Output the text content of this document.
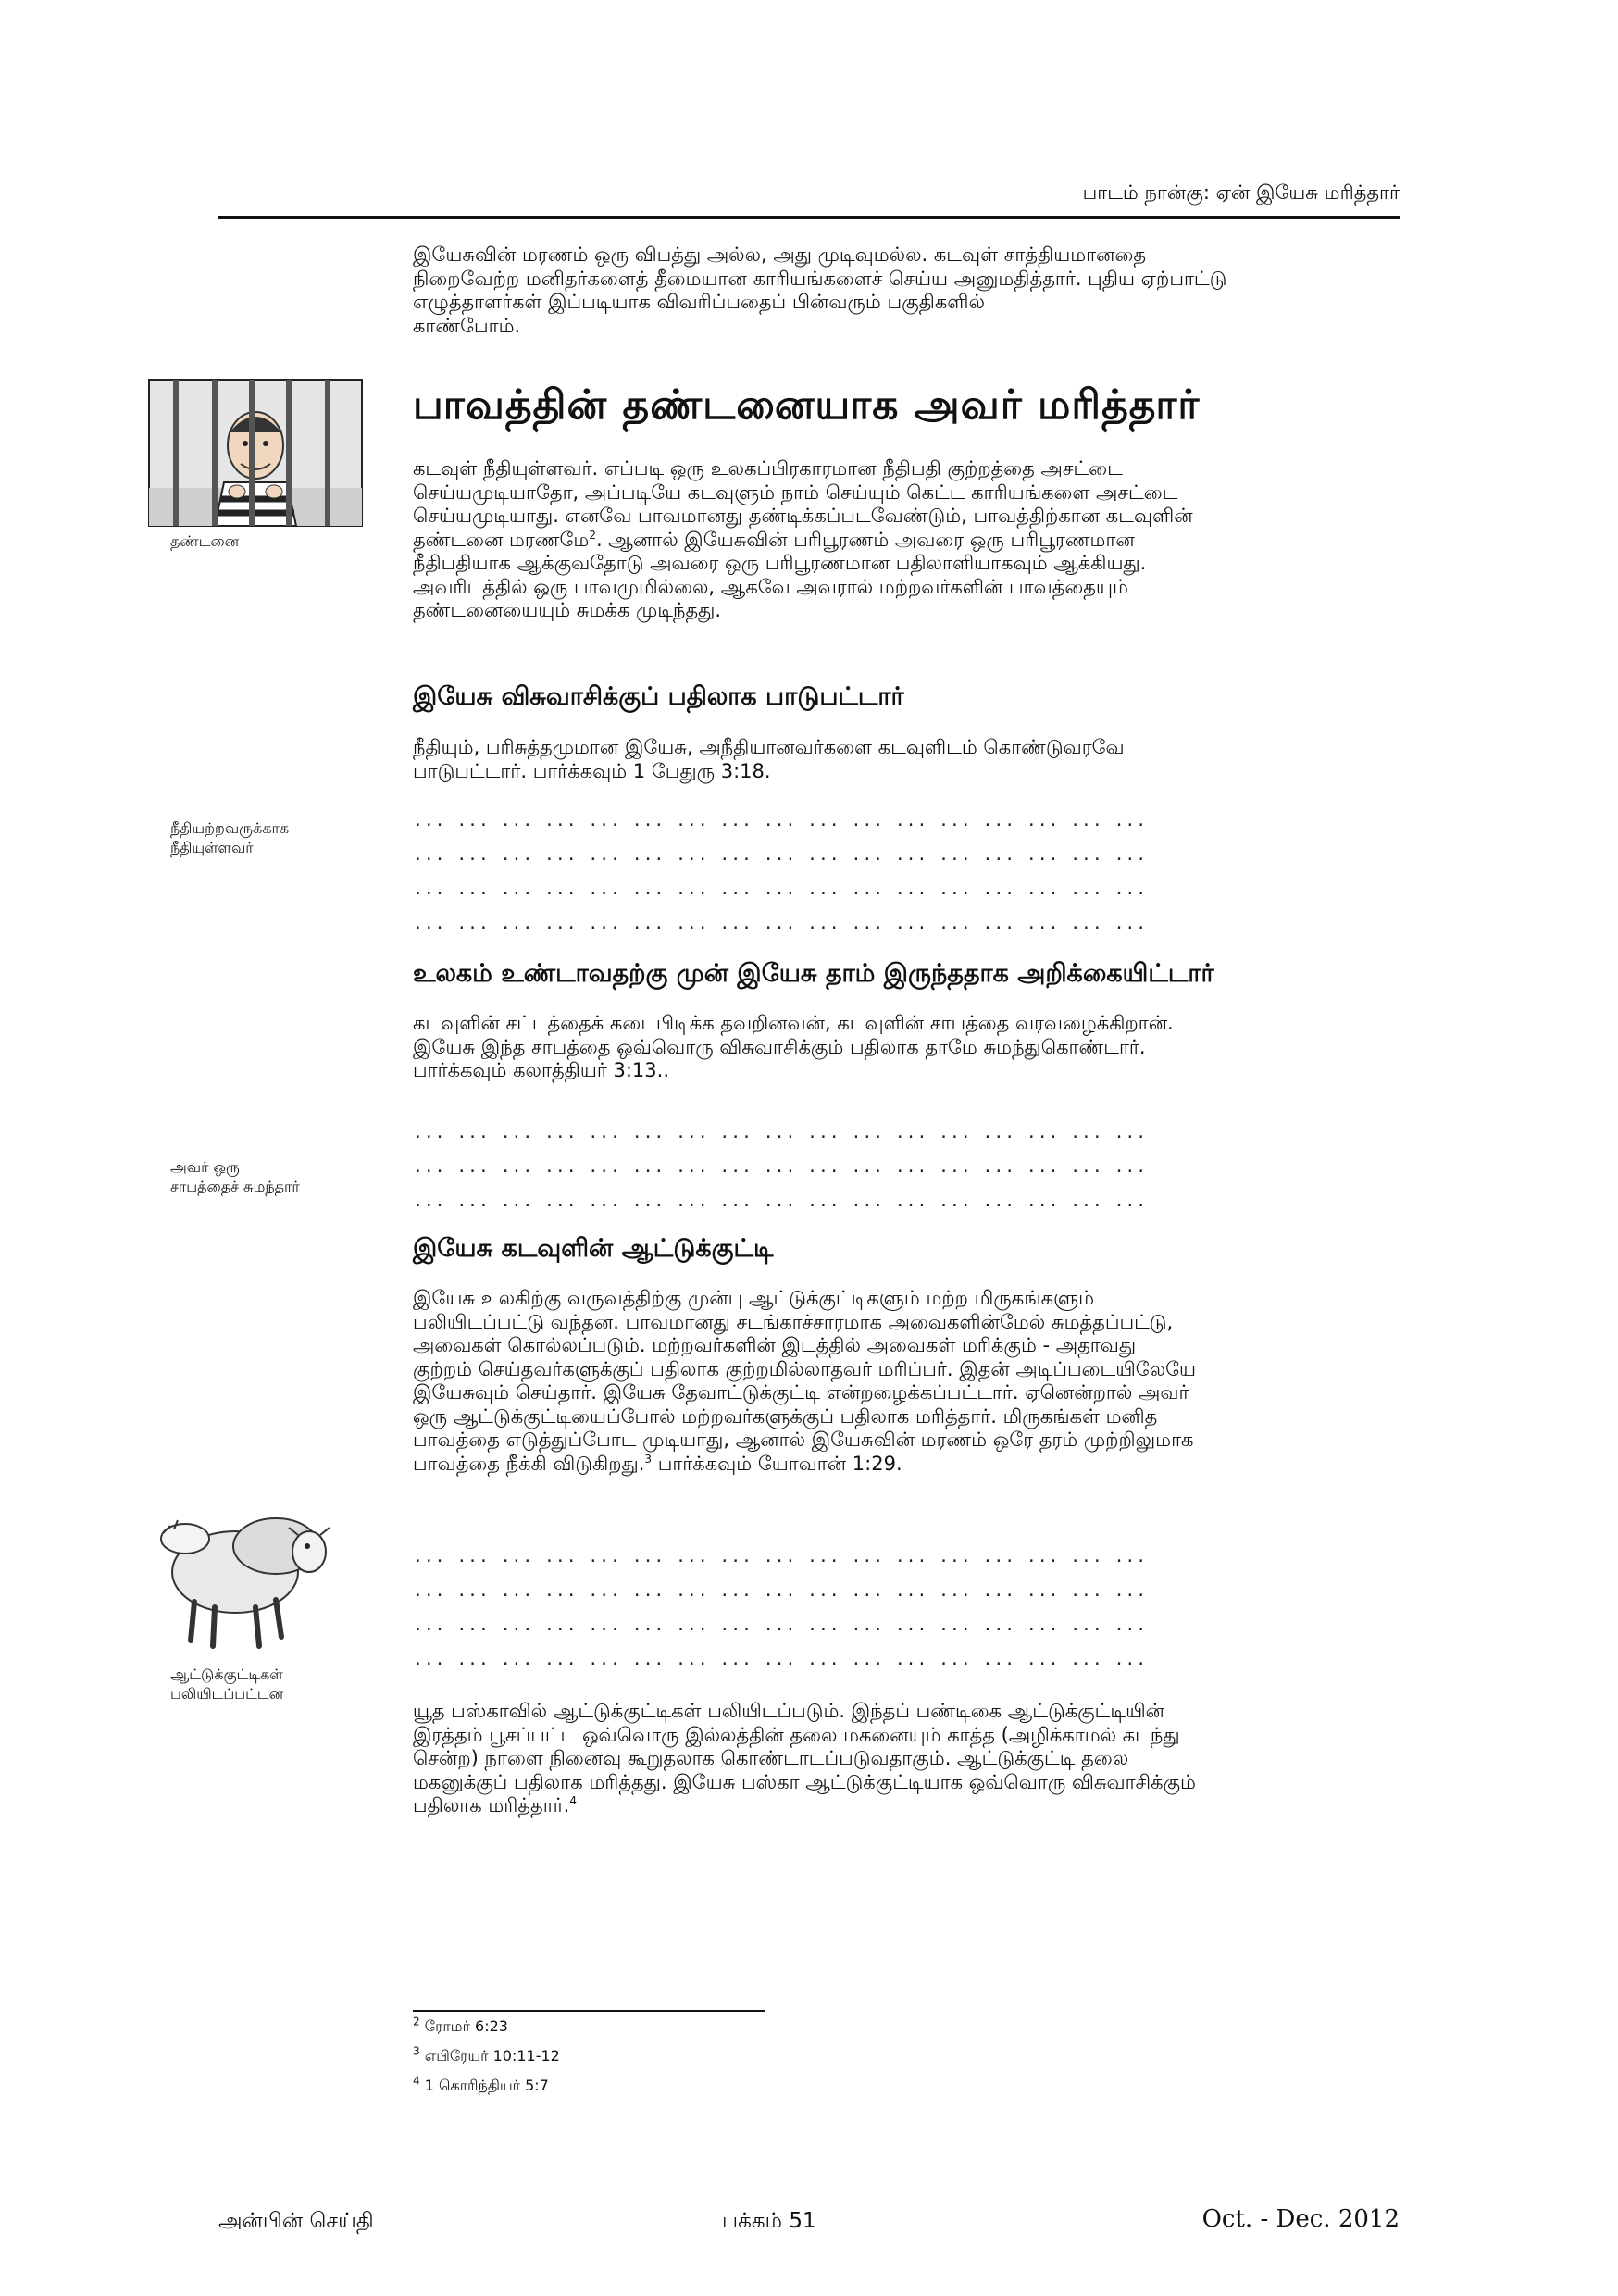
பாடம் நான்கு: ஏன் இயேசு மரித்தார்

இயேசுவின் மரணம் ஒரு விபத்து அல்ல, அது முடிவுமல்ல. கடவுள் சாத்தியமானதை

நிறைவேற்ற மனிதர்களைத் தீமையான காரியங்களைச் செய்ய அனுமதித்தார். புதிய ஏற்பாட்டு

எழுத்தாளர்கள் இப்படியாக விவரிப்பதைப் பின்வரும் பகுதிகளில்

காண்போம்.

தண்டனை
பாவத்தின் தண்டனையாக அவர் மரித்தார்

கடவுள் நீதியுள்ளவர். எப்படி ஒரு உலகப்பிரகாரமான நீதிபதி குற்றத்தை அசட்டை

செய்யமுடியாதோ, அப்படியே கடவுளும் நாம் செய்யும் கெட்ட காரியங்களை அசட்டை

செய்யமுடியாது. எனவே பாவமானது தண்டிக்கப்படவேண்டும், பாவத்திற்கான கடவுளின்

தண்டனை மரணமே$^2$. ஆனால் இயேசுவின் பரிபூரணம் அவரை ஒரு பரிபூரணமான

நீதிபதியாக ஆக்குவதோடு அவரை ஒரு பரிபூரணமான பதிலாளியாகவும் ஆக்கியது.

அவரிடத்தில் ஒரு பாவமுமில்லை, ஆகவே அவரால் மற்றவர்களின் பாவத்தையும்

தண்டனையையும் சுமக்க முடிந்தது.

இயேசு விசுவாசிக்குப் பதிலாக பாடுபட்டார்

நீதியும், பரிசுத்தமுமான இயேசு, அநீதியானவர்களை கடவுளிடம் கொண்டுவரவே

பாடுபட்டார். பார்க்கவும் 1 பேதுரு 3:18.

நீதியற்றவருக்காக
நீதியுள்ளவர்
... ... ... ... ... ... ... ... ... ... ... ... ... ... ... ... ...
... ... ... ... ... ... ... ... ... ... ... ... ... ... ... ... ...
... ... ... ... ... ... ... ... ... ... ... ... ... ... ... ... ...
... ... ... ... ... ... ... ... ... ... ... ... ... ... ... ... ...
உலகம் உண்டாவதற்கு முன் இயேசு தாம் இருந்ததாக அறிக்கையிட்டார்

கடவுளின் சட்டத்தைக் கடைபிடிக்க தவறினவன், கடவுளின் சாபத்தை வரவழைக்கிறான்.

இயேசு இந்த சாபத்தை ஒவ்வொரு விசுவாசிக்கும் பதிலாக தாமே சுமந்துகொண்டார்.

பார்க்கவும் கலாத்தியர் 3:13..

அவர் ஒரு
சாபத்தைச் சுமந்தார்
... ... ... ... ... ... ... ... ... ... ... ... ... ... ... ... ...
... ... ... ... ... ... ... ... ... ... ... ... ... ... ... ... ...
... ... ... ... ... ... ... ... ... ... ... ... ... ... ... ... ...
இயேசு கடவுளின் ஆட்டுக்குட்டி

இயேசு உலகிற்கு வருவத்திற்கு முன்பு ஆட்டுக்குட்டிகளும் மற்ற மிருகங்களும்

பலியிடப்பட்டு வந்தன. பாவமானது சடங்காச்சாரமாக அவைகளின்மேல் சுமத்தப்பட்டு,

அவைகள் கொல்லப்படும். மற்றவர்களின் இடத்தில் அவைகள் மரிக்கும் - அதாவது

குற்றம் செய்தவர்களுக்குப் பதிலாக குற்றமில்லாதவர் மரிப்பர். இதன் அடிப்படையிலேயே

இயேசுவும் செய்தார். இயேசு தேவாட்டுக்குட்டி என்றழைக்கப்பட்டார். ஏனென்றால் அவர்

ஒரு ஆட்டுக்குட்டியைப்போல் மற்றவர்களுக்குப் பதிலாக மரித்தார். மிருகங்கள் மனித

பாவத்தை எடுத்துப்போட முடியாது, ஆனால் இயேசுவின் மரணம் ஒரே தரம் முற்றிலுமாக

பாவத்தை நீக்கி விடுகிறது.$^3$ பார்க்கவும் யோவான் 1:29.

ஆட்டுக்குட்டிகள்
பலியிடப்பட்டன
... ... ... ... ... ... ... ... ... ... ... ... ... ... ... ... ...
... ... ... ... ... ... ... ... ... ... ... ... ... ... ... ... ...
... ... ... ... ... ... ... ... ... ... ... ... ... ... ... ... ...
... ... ... ... ... ... ... ... ... ... ... ... ... ... ... ... ...

யூத பஸ்காவில் ஆட்டுக்குட்டிகள் பலியிடப்படும். இந்தப் பண்டிகை ஆட்டுக்குட்டியின்

இரத்தம் பூசப்பட்ட ஒவ்வொரு இல்லத்தின் தலை மகனையும் காத்த (அழிக்காமல் கடந்து

சென்ற) நாளை நினைவு கூறுதலாக கொண்டாடப்படுவதாகும். ஆட்டுக்குட்டி தலை

மகனுக்குப் பதிலாக மரித்தது. இயேசு பஸ்கா ஆட்டுக்குட்டியாக ஒவ்வொரு விசுவாசிக்கும்

பதிலாக மரித்தார்.$^4$

$^2$ ரோமர் 6:23
$^3$ எபிரேயர் 10:11-12
$^4$ 1 கொரிந்தியர் 5:7
அன்பின் செய்தி	பக்கம் 51	Oct. - Dec. 2012
